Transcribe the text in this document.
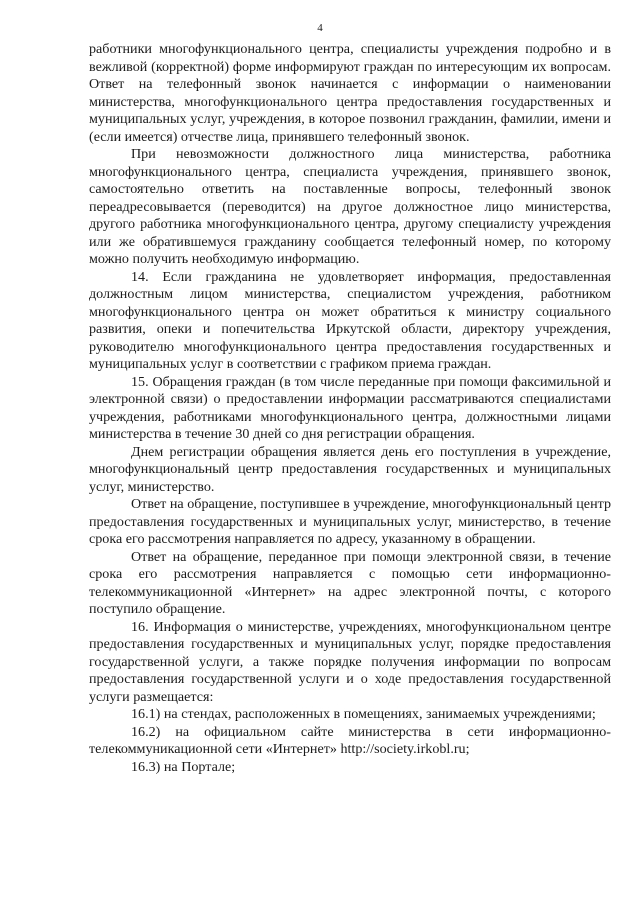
4

работники многофункционального центра, специалисты учреждения подробно и в вежливой (корректной) форме информируют граждан по интересующим их вопросам. Ответ на телефонный звонок начинается с информации о наименовании министерства, многофункционального центра предоставления государственных и муниципальных услуг, учреждения, в которое позвонил гражданин, фамилии, имени и (если имеется) отчестве лица, принявшего телефонный звонок.

При невозможности должностного лица министерства, работника многофункционального центра, специалиста учреждения, принявшего звонок, самостоятельно ответить на поставленные вопросы, телефонный звонок переадресовывается (переводится) на другое должностное лицо министерства, другого работника многофункционального центра, другому специалисту учреждения или же обратившемуся гражданину сообщается телефонный номер, по которому можно получить необходимую информацию.

14. Если гражданина не удовлетворяет информация, предоставленная должностным лицом министерства, специалистом учреждения, работником многофункционального центра он может обратиться к министру социального развития, опеки и попечительства Иркутской области, директору учреждения, руководителю многофункционального центра предоставления государственных и муниципальных услуг в соответствии с графиком приема граждан.

15. Обращения граждан (в том числе переданные при помощи факсимильной и электронной связи) о предоставлении информации рассматриваются специалистами учреждения, работниками многофункционального центра, должностными лицами министерства в течение 30 дней со дня регистрации обращения.

Днем регистрации обращения является день его поступления в учреждение, многофункциональный центр предоставления государственных и муниципальных услуг, министерство.

Ответ на обращение, поступившее в учреждение, многофункциональный центр предоставления государственных и муниципальных услуг, министерство, в течение срока его рассмотрения направляется по адресу, указанному в обращении.

Ответ на обращение, переданное при помощи электронной связи, в течение срока его рассмотрения направляется с помощью сети информационно-телекоммуникационной «Интернет» на адрес электронной почты, с которого поступило обращение.

16. Информация о министерстве, учреждениях, многофункциональном центре предоставления государственных и муниципальных услуг, порядке предоставления государственной услуги, а также порядке получения информации по вопросам предоставления государственной услуги и о ходе предоставления государственной услуги размещается:

16.1) на стендах, расположенных в помещениях, занимаемых учреждениями;

16.2) на официальном сайте министерства в сети информационно-телекоммуникационной сети «Интернет» http://society.irkobl.ru;

16.3) на Портале;
